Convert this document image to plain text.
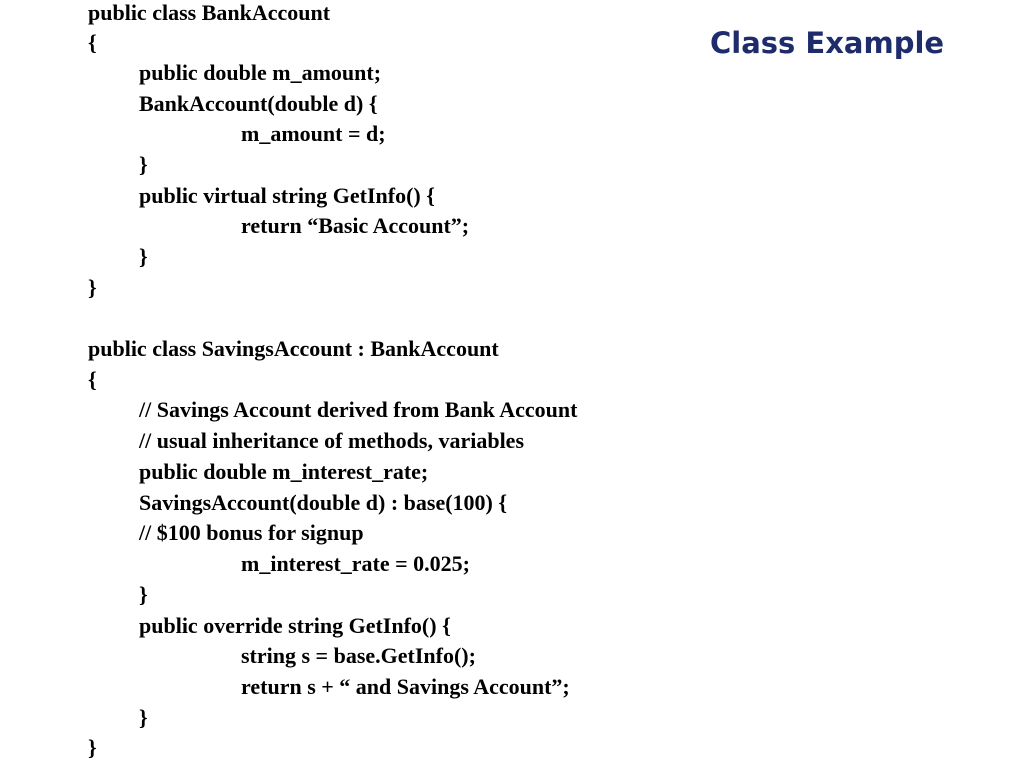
Class Example
public class BankAccount
{
public double m_amount;
BankAccount(double d) {
m_amount = d;
}
public virtual string GetInfo() {
return “Basic Account”;
}
}
public class SavingsAccount : BankAccount
{
// Savings Account derived from Bank Account
// usual inheritance of methods, variables
public double m_interest_rate;
SavingsAccount(double d) : base(100) {
// $100 bonus for signup
m_interest_rate = 0.025;
}
public override string GetInfo() {
string s = base.GetInfo();
return s + “ and Savings Account”;
}
}
